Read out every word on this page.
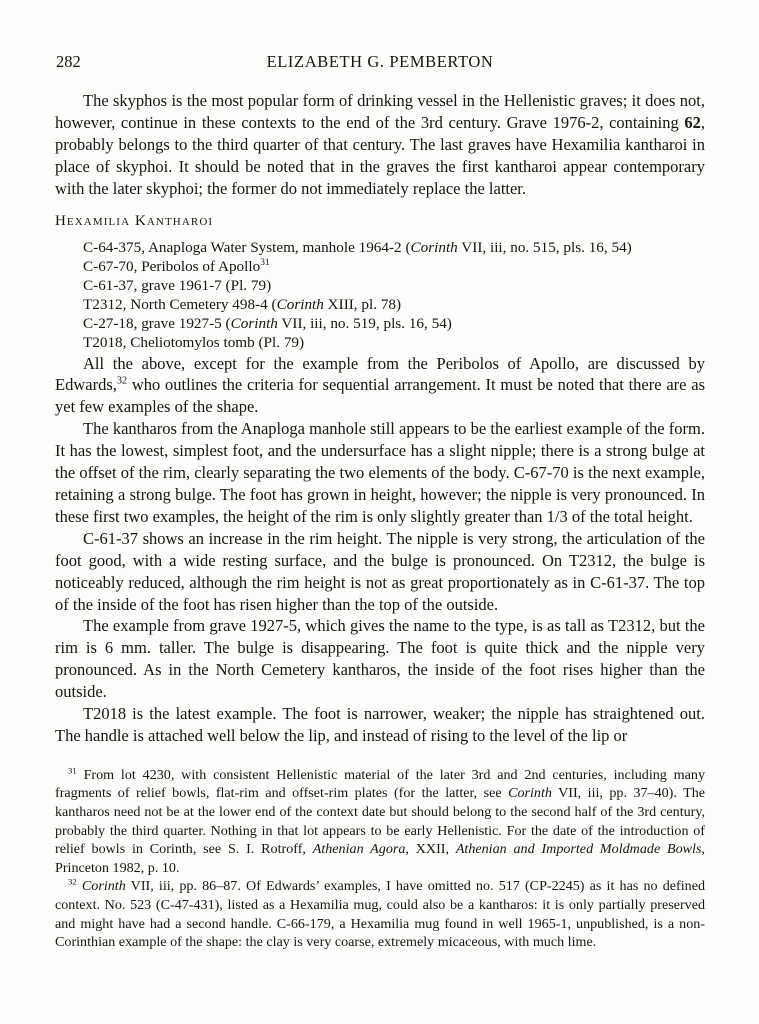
282	ELIZABETH G. PEMBERTON

The skyphos is the most popular form of drinking vessel in the Hellenistic graves; it does not, however, continue in these contexts to the end of the 3rd century. Grave 1976-2, containing 62, probably belongs to the third quarter of that century. The last graves have Hexamilia kantharoi in place of skyphoi. It should be noted that in the graves the first kantharoi appear contemporary with the later skyphoi; the former do not immediately replace the latter.

Hexamilia Kantharoi
C-64-375, Anaploga Water System, manhole 1964-2 (Corinth VII, iii, no. 515, pls. 16, 54)
C-67-70, Peribolos of Apollo$^{31}$
C-61-37, grave 1961-7 (Pl. 79)
T2312, North Cemetery 498-4 (Corinth XIII, pl. 78)
C-27-18, grave 1927-5 (Corinth VII, iii, no. 519, pls. 16, 54)
T2018, Cheliotomylos tomb (Pl. 79)

All the above, except for the example from the Peribolos of Apollo, are discussed by Edwards,$^{32}$ who outlines the criteria for sequential arrangement. It must be noted that there are as yet few examples of the shape.

The kantharos from the Anaploga manhole still appears to be the earliest example of the form. It has the lowest, simplest foot, and the undersurface has a slight nipple; there is a strong bulge at the offset of the rim, clearly separating the two elements of the body. C-67-70 is the next example, retaining a strong bulge. The foot has grown in height, however; the nipple is very pronounced. In these first two examples, the height of the rim is only slightly greater than 1/3 of the total height.

C-61-37 shows an increase in the rim height. The nipple is very strong, the articulation of the foot good, with a wide resting surface, and the bulge is pronounced. On T2312, the bulge is noticeably reduced, although the rim height is not as great proportionately as in C-61-37. The top of the inside of the foot has risen higher than the top of the outside.

The example from grave 1927-5, which gives the name to the type, is as tall as T2312, but the rim is 6 mm. taller. The bulge is disappearing. The foot is quite thick and the nipple very pronounced. As in the North Cemetery kantharos, the inside of the foot rises higher than the outside.

T2018 is the latest example. The foot is narrower, weaker; the nipple has straightened out. The handle is attached well below the lip, and instead of rising to the level of the lip or

$^{31}$ From lot 4230, with consistent Hellenistic material of the later 3rd and 2nd centuries, including many fragments of relief bowls, flat-rim and offset-rim plates (for the latter, see Corinth VII, iii, pp. 37–40). The kantharos need not be at the lower end of the context date but should belong to the second half of the 3rd century, probably the third quarter. Nothing in that lot appears to be early Hellenistic. For the date of the introduction of relief bowls in Corinth, see S. I. Rotroff, Athenian Agora, XXII, Athenian and Imported Moldmade Bowls, Princeton 1982, p. 10.

$^{32}$ Corinth VII, iii, pp. 86–87. Of Edwards’ examples, I have omitted no. 517 (CP-2245) as it has no defined context. No. 523 (C-47-431), listed as a Hexamilia mug, could also be a kantharos: it is only partially preserved and might have had a second handle. C-66-179, a Hexamilia mug found in well 1965-1, unpublished, is a non-Corinthian example of the shape: the clay is very coarse, extremely micaceous, with much lime.
